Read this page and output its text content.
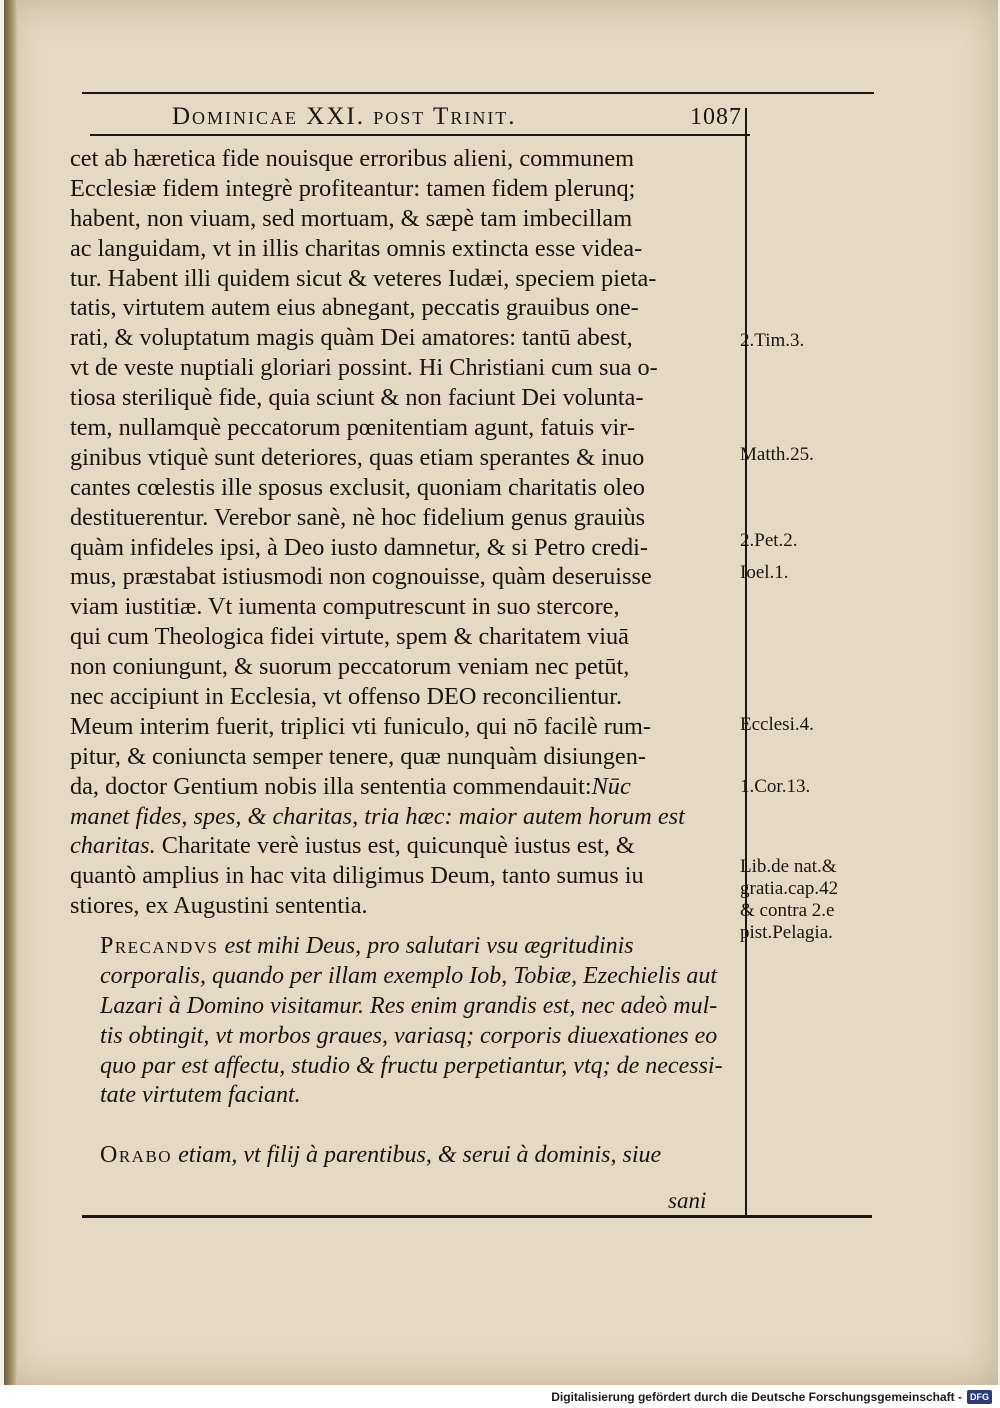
Dominicae XXI. post Trinit.	1087
cet ab hæretica fide nouisque erroribus alieni, communem
Ecclesiæ fidem integrè profiteantur: tamen fidem plerunq;
habent, non viuam, sed mortuam, & sæpè tam imbecillam
ac languidam, vt in illis charitas omnis extincta esse videa-
tur. Habent illi quidem sicut & veteres Iudæi, speciem pieta-
tatis, virtutem autem eius abnegant, peccatis grauibus one-
rati, & voluptatum magis quàm Dei amatores: tantū abest,
vt de veste nuptiali gloriari possint. Hi Christiani cum sua o-
tiosa steriliquè fide, quia sciunt & non faciunt Dei volunta-
tem, nullamquè peccatorum pœnitentiam agunt, fatuis vir-
ginibus vtiquè sunt deteriores, quas etiam sperantes & inuo
cantes cœlestis ille sposus exclusit, quoniam charitatis oleo
destituerentur. Verebor sanè, nè hoc fidelium genus grauiùs
quàm infideles ipsi, à Deo iusto damnetur, & si Petro credi-
mus, præstabat istiusmodi non cognouisse, quàm deseruisse
viam iustitiæ. Vt iumenta computrescunt in suo stercore,
qui cum Theologica fidei virtute, spem & charitatem viuā
non coniungunt, & suorum peccatorum veniam nec petūt,
nec accipiunt in Ecclesia, vt offenso DEO reconcilientur.
Meum interim fuerit, triplici vti funiculo, qui nō facilè rum-
pitur, & coniuncta semper tenere, quæ nunquàm disiungen-
da, doctor Gentium nobis illa sententia commendauit:Nūc
manet fides, spes, & charitas, tria hæc: maior autem horum est
charitas. Charitate verè iustus est, quicunquè iustus est, &
quantò amplius in hac vita diligimus Deum, tanto sumus iu
stiores, ex Augustini sententia.
Precandvs est mihi Deus, pro salutari vsu ægritudinis
corporalis, quando per illam exemplo Iob, Tobiæ, Ezechielis aut
Lazari à Domino visitamur. Res enim grandis est, nec adeò mul-
tis obtingit, vt morbos graues, variasq; corporis diuexationes eo
quo par est affectu, studio & fructu perpetiantur, vtq; de necessi-
tate virtutem faciant.
Orabo etiam, vt filij à parentibus, & serui à dominis, siue
sani
2.Tim.3.
Matth.25.
2.Pet.2.
Ioel.1.
Ecclesi.4.
1.Cor.13.
Lib.de nat.&
gratia.cap.42
& contra 2.e
pist.Pelagia.
Digitalisierung gefördert durch die Deutsche Forschungsgemeinschaft - DFG
